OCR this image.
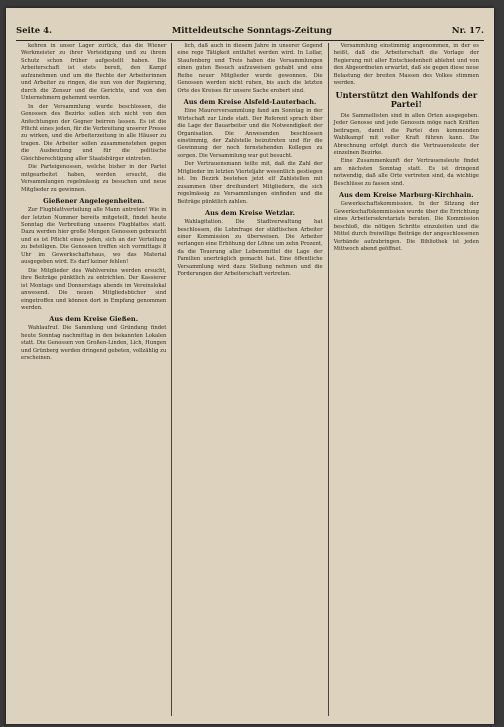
Seite 4.	Mitteldeutsche Sonntags-Zeitung	Nr. 17.

kehren in unser Lager zurück, das die Wiener Werkmeister zu ihrer Verteidigung und zu ihrem Schutz schon früher aufgestellt haben. Die Arbeiterschaft ist stets bereit, den Kampf aufzunehmen und um die Rechte der Arbeiterinnen und Arbeiter zu ringen, die nun von der Regierung, durch die Zensur und die Gerichte, und von den Unternehmern gehemmt werden.

In der Versammlung wurde beschlossen, die Genossen des Bezirks sollen sich nicht von den Anfechtungen der Gegner beirren lassen. Es ist die Pflicht eines jeden, für die Verbreitung unserer Presse zu wirken, und die Arbeiterzeitung in alle Häuser zu tragen. Die Arbeiter sollen zusammenstehen gegen die Ausbeutung und für die politische Gleichberechtigung aller Staatsbürger eintreten.

Die Parteigenossen, welche bisher in der Partei mitgearbeitet haben, werden ersucht, die Versammlungen regelmässig zu besuchen und neue Mitglieder zu gewinnen.

Gießener Angelegenheiten.

Zur Flugblattverteilung alle Mann antreten! Wie in der letzten Nummer bereits mitgeteilt, findet heute Sonntag die Verbreitung unseres Flugblattes statt. Dazu werden hier große Mengen Genossen gebraucht und es ist Pflicht eines jeden, sich an der Verteilung zu beteiligen. Die Genossen treffen sich vormittags 8 Uhr im Gewerkschaftshaus, wo das Material ausgegeben wird. Es darf keiner fehlen!

Die Mitglieder des Wahlvereins werden ersucht, ihre Beiträge pünktlich zu entrichten. Der Kassierer ist Montags und Donnerstags abends im Vereinslokal anwesend. Die neuen Mitgliedsbücher sind eingetroffen und können dort in Empfang genommen werden.

Aus dem Kreise Gießen.

Wahlaufruf. Die Sammlung und Gründung findet heute Sonntag nachmittag in den bekannten Lokalen statt. Die Genossen von Großen-Linden, Lich, Hungen und Grünberg werden dringend gebeten, vollzählig zu erscheinen.

lich, daß auch in diesem Jahre in unserer Gegend eine rege Tätigkeit entfaltet werden wird. In Lollar, Staufenberg und Treis haben die Versammlungen einen guten Besuch aufzuweisen gehabt und eine Reihe neuer Mitglieder wurde gewonnen. Die Genossen werden nicht ruhen, bis auch die letzten Orte des Kreises für unsere Sache erobert sind.

Aus dem Kreise Alsfeld-Lauterbach.

Eine Maurerversammlung fand am Sonntag in der Wirtschaft zur Linde statt. Der Referent sprach über die Lage der Bauarbeiter und die Notwendigkeit der Organisation. Die Anwesenden beschlossen einstimmig, der Zahlstelle beizutreten und für die Gewinnung der noch fernstehenden Kollegen zu sorgen. Die Versammlung war gut besucht.

Der Vertrauensmann teilte mit, daß die Zahl der Mitglieder im letzten Vierteljahr wesentlich gestiegen ist. Im Bezirk bestehen jetzt elf Zahlstellen mit zusammen über dreihundert Mitgliedern, die sich regelmässig zu Versammlungen einfinden und die Beiträge pünktlich zahlen.

Aus dem Kreise Wetzlar.

Wahlagitation. Die Stadtverwaltung hat beschlossen, die Lohnfrage der städtischen Arbeiter einer Kommission zu überweisen. Die Arbeiter verlangen eine Erhöhung der Löhne um zehn Prozent, da die Teuerung aller Lebensmittel die Lage der Familien unerträglich gemacht hat. Eine öffentliche Versammlung wird dazu Stellung nehmen und die Forderungen der Arbeiterschaft vertreten.

Versammlung einstimmig angenommen, in der es heißt, daß die Arbeiterschaft die Vorlage der Regierung mit aller Entschiedenheit ablehnt und von den Abgeordneten erwartet, daß sie gegen diese neue Belastung der breiten Massen des Volkes stimmen werden.

Unterstützt den Wahlfonds der Partei!

Die Sammellisten sind in allen Orten ausgegeben. Jeder Genosse und jede Genossin möge nach Kräften beitragen, damit die Partei den kommenden Wahlkampf mit voller Kraft führen kann. Die Abrechnung erfolgt durch die Vertrauensleute der einzelnen Bezirke.

Eine Zusammenkunft der Vertrauensleute findet am nächsten Sonntag statt. Es ist dringend notwendig, daß alle Orte vertreten sind, da wichtige Beschlüsse zu fassen sind.

Aus dem Kreise Marburg-Kirchhain.

Gewerkschaftskommission. In der Sitzung der Gewerkschaftskommission wurde über die Errichtung eines Arbeitersekretariats beraten. Die Kommission beschloß, die nötigen Schritte einzuleiten und die Mittel durch freiwillige Beiträge der angeschlossenen Verbände aufzubringen. Die Bibliothek ist jeden Mittwoch abend geöffnet.
